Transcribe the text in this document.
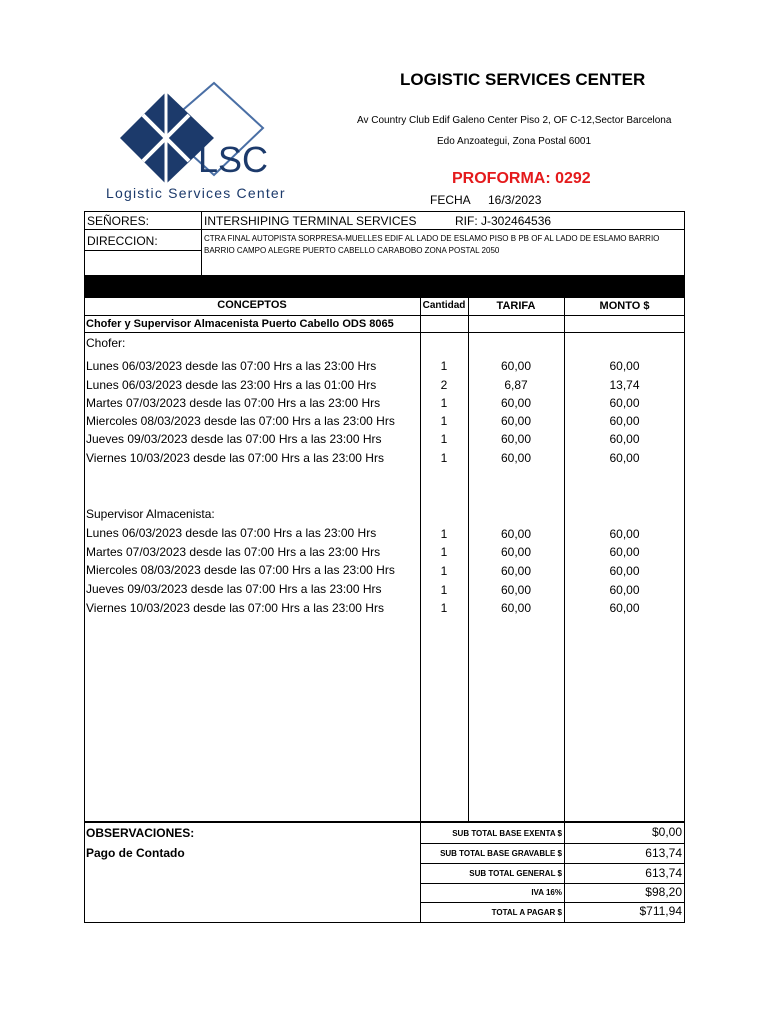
LOGISTIC SERVICES CENTER
Av Country Club Edif Galeno Center Piso 2, OF C-12,Sector Barcelona
Edo Anzoategui, Zona Postal 6001
PROFORMA: 0292
FECHA 16/3/2023
LSC
Logistic Services Center
SEÑORES:	INTERSHIPING TERMINAL SERVICES	RIF: J-302464536
DIRECCION:	CTRA FINAL AUTOPISTA SORPRESA-MUELLES EDIF AL LADO DE ESLAMO PISO B PB OF AL LADO DE ESLAMO BARRIO
BARRIO CAMPO ALEGRE PUERTO CABELLO CARABOBO ZONA POSTAL 2050
CONCEPTOS	Cantidad	TARIFA	MONTO $
Chofer y Supervisor Almacenista Puerto Cabello ODS 8065
Chofer:
Lunes 06/03/2023 desde las 07:00 Hrs a las 23:00 Hrs	1	60,00	60,00
Lunes 06/03/2023 desde las 23:00 Hrs a las 01:00 Hrs	2	6,87	13,74
Martes 07/03/2023 desde las 07:00 Hrs a las 23:00 Hrs	1	60,00	60,00
Miercoles 08/03/2023 desde las 07:00 Hrs a las 23:00 Hrs	1	60,00	60,00
Jueves 09/03/2023 desde las 07:00 Hrs a las 23:00 Hrs	1	60,00	60,00
Viernes 10/03/2023 desde las 07:00 Hrs a las 23:00 Hrs	1	60,00	60,00
Supervisor Almacenista:
Lunes 06/03/2023 desde las 07:00 Hrs a las 23:00 Hrs	1	60,00	60,00
Martes 07/03/2023 desde las 07:00 Hrs a las 23:00 Hrs	1	60,00	60,00
Miercoles 08/03/2023 desde las 07:00 Hrs a las 23:00 Hrs	1	60,00	60,00
Jueves 09/03/2023 desde las 07:00 Hrs a las 23:00 Hrs	1	60,00	60,00
Viernes 10/03/2023 desde las 07:00 Hrs a las 23:00 Hrs	1	60,00	60,00
OBSERVACIONES:
Pago de Contado
SUB TOTAL BASE EXENTA $	$0,00
SUB TOTAL BASE GRAVABLE $	613,74
SUB TOTAL GENERAL $	613,74
IVA 16%	$98,20
TOTAL A PAGAR $	$711,94
